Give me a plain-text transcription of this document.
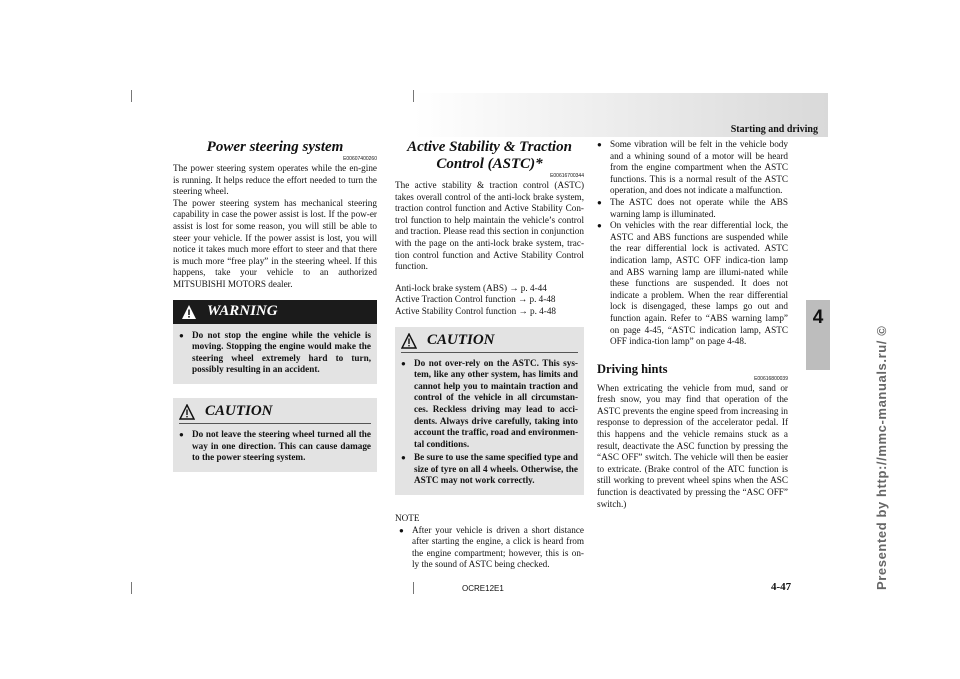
Starting and driving
4
Presented by http://mmc-manuals.ru/ ©
Power steering system
E00607400260

The power steering system operates while the en-gine is running. It helps reduce the effort needed to turn the steering wheel.

The power steering system has mechanical steering capability in case the power assist is lost. If the pow-er assist is lost for some reason, you will still be able to steer your vehicle. If the power assist is lost, you will notice it takes much more effort to steer and that there is much more “free play” in the steering wheel. If this happens, take your vehicle to an authorized MITSUBISHI MOTORS dealer.

WARNING
● Do not stop the engine while the vehicle is moving. Stopping the engine would make the steering wheel extremely hard to turn, possibly resulting in an accident.

CAUTION
● Do not leave the steering wheel turned all the way in one direction. This can cause damage to the power steering system.

Active Stability & Traction
Control (ASTC)*
E00616700344

The active stability & traction control (ASTC) takes overall control of the anti-lock brake system, traction control function and Active Stability Con-trol function to help maintain the vehicle’s control and traction. Please read this section in conjunction with the page on the anti-lock brake system, trac-tion control function and Active Stability Control function.

Anti-lock brake system (ABS) → p. 4-44

Active Traction Control function → p. 4-48

Active Stability Control function → p. 4-48

CAUTION
● Do not over-rely on the ASTC. This sys-tem, like any other system, has limits and cannot help you to maintain traction and control of the vehicle in all circumstan-ces. Reckless driving may lead to acci-dents. Always drive carefully, taking into account the traffic, road and environmen-tal conditions.

● Be sure to use the same specified type and size of tyre on all 4 wheels. Otherwise, the ASTC may not work correctly.

NOTE
● After your vehicle is driven a short distance after starting the engine, a click is heard from the engine compartment; however, this is on-ly the sound of ASTC being checked.

● Some vibration will be felt in the vehicle body and a whining sound of a motor will be heard from the engine compartment when the ASTC functions. This is a normal result of the ASTC operation, and does not indicate a malfunction.

● The ASTC does not operate while the ABS warning lamp is illuminated.

● On vehicles with the rear differential lock, the ASTC and ABS functions are suspended while the rear differential lock is activated. ASTC indication lamp, ASTC OFF indica-tion lamp and ABS warning lamp are illumi-nated while these functions are suspended. It does not indicate a problem. When the rear differential lock is disengaged, these lamps go out and function again. Refer to “ABS warning lamp” on page 4-45, “ASTC indication lamp, ASTC OFF indica-tion lamp” on page 4-48.

Driving hints
E00616800039

When extricating the vehicle from mud, sand or fresh snow, you may find that operation of the ASTC prevents the engine speed from increasing in response to depression of the accelerator pedal. If this happens and the vehicle remains stuck as a result, deactivate the ASC function by pressing the “ASC OFF” switch. The vehicle will then be easier to extricate. (Brake control of the ATC function is still working to prevent wheel spins when the ASC function is deactivated by pressing the “ASC OFF” switch.)

OCRE12E1	4-47
